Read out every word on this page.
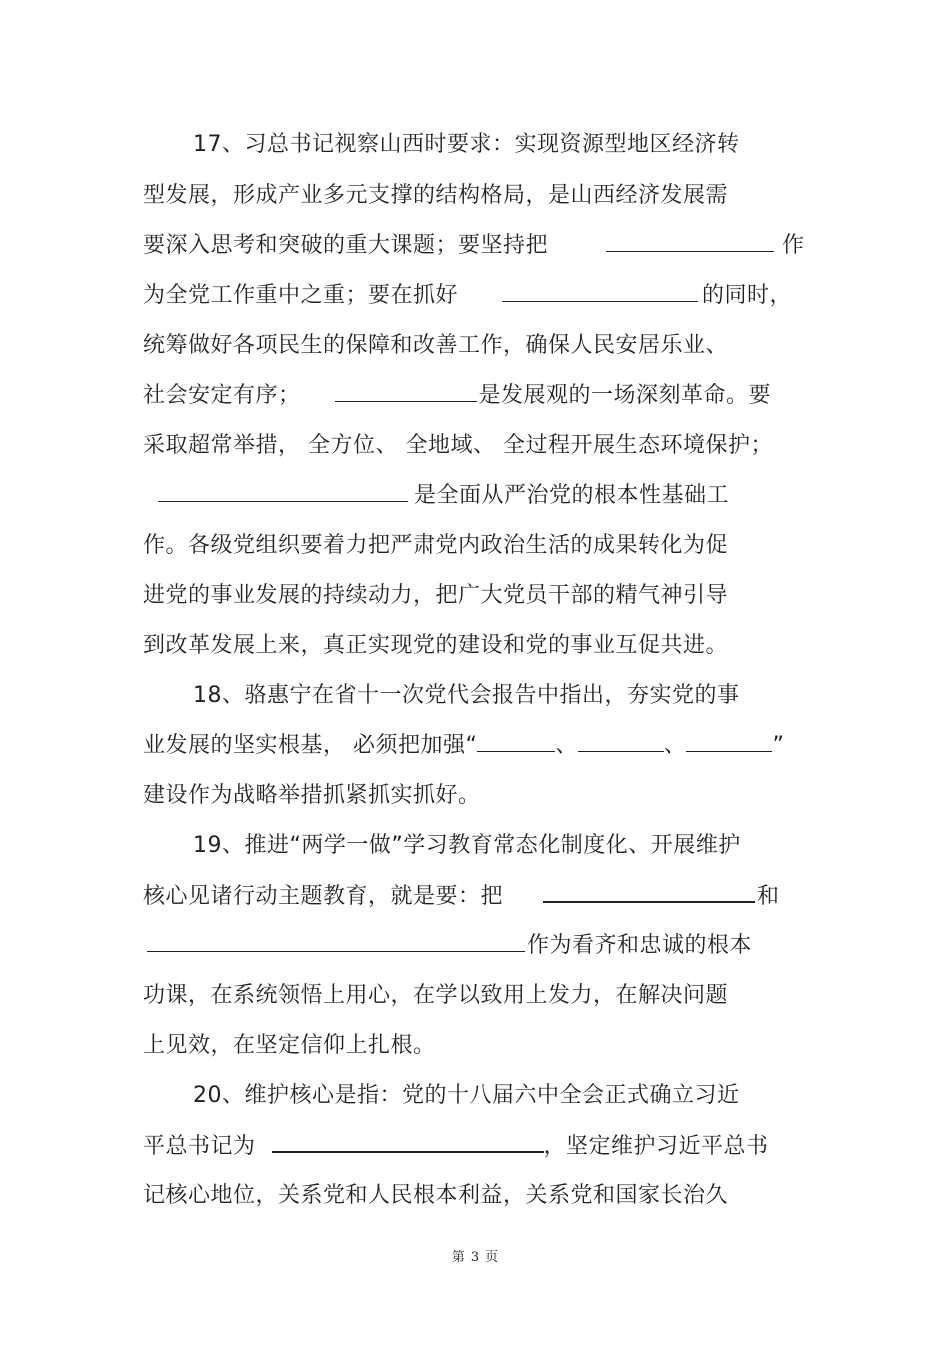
17、习总书记视察山西时要求：实现资源型地区经济转
型发展，形成产业多元支撑的结构格局，是山西经济发展需
要深入思考和突破的重大课题；要坚持把	作
为全党工作重中之重；要在抓好	的同时，
统筹做好各项民生的保障和改善工作，确保人民安居乐业、
社会安定有序；	是发展观的一场深刻革命。要
采取超常举措， 全方位、 全地域、 全过程开展生态环境保护；
是全面从严治党的根本性基础工
作。各级党组织要着力把严肃党内政治生活的成果转化为促
进党的事业发展的持续动力，把广大党员干部的精气神引导
到改革发展上来，真正实现党的建设和党的事业互促共进。
18、骆惠宁在省十一次党代会报告中指出，夯实党的事
业发展的坚实根基， 必须把加强“	、	、	”
建设作为战略举措抓紧抓实抓好。
19、推进“两学一做”学习教育常态化制度化、开展维护
核心见诸行动主题教育，就是要：把	和
作为看齐和忠诚的根本
功课，在系统领悟上用心，在学以致用上发力，在解决问题
上见效，在坚定信仰上扎根。
20、维护核心是指：党的十八届六中全会正式确立习近
平总书记为	，坚定维护习近平总书
记核心地位，关系党和人民根本利益，关系党和国家长治久
第 3 页
